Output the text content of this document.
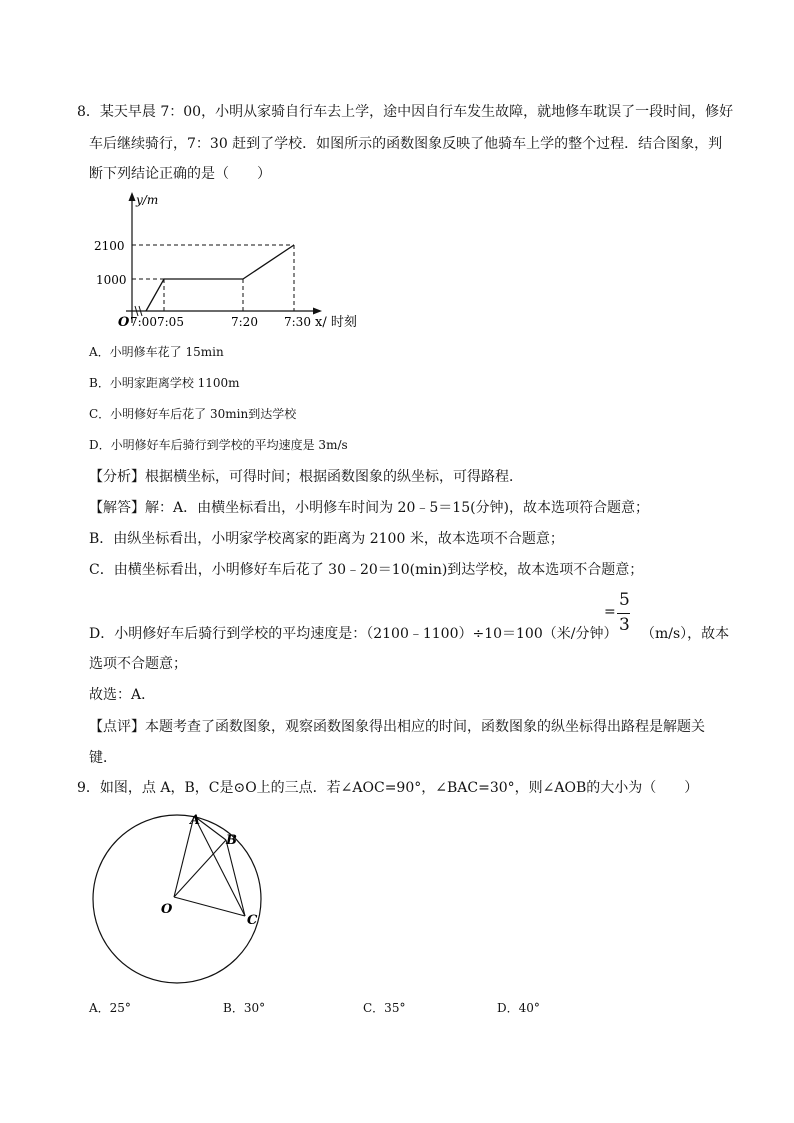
8．某天早晨 7：00，小明从家骑自行车去上学，途中因自行车发生故障，就地修车耽误了一段时间，修好
车后继续骑行，7：30 赶到了学校．如图所示的函数图象反映了他骑车上学的整个过程．结合图象，判
断下列结论正确的是（　　）
y/m
2100
1000
O 7:00 7:05	7:20 7:30 x/ 时刻
A．小明修车花了 15min
B．小明家距离学校 1100m
C．小明修好车后花了 30min到达学校
D．小明修好车后骑行到学校的平均速度是 3m/s
【分析】根据横坐标，可得时间；根据函数图象的纵坐标，可得路程．
【解答】解：A．由横坐标看出，小明修车时间为 20﹣5＝15(分钟)，故本选项符合题意；
B．由纵坐标看出，小明家学校离家的距离为 2100 米，故本选项不合题意；
C．由横坐标看出，小明修好车后花了 30﹣20＝10(min)到达学校，故本选项不合题意；
D．小明修好车后骑行到学校的平均速度是：（2100﹣1100）÷10＝100（米/分钟）
=
5
3 （m/s），故本
选项不合题意；
故选：A．
【点评】本题考查了函数图象，观察函数图象得出相应的时间，函数图象的纵坐标得出路程是解题关
键．
9．如图，点 A，B，C是⊙O上的三点．若∠AOC=90°，∠BAC=30°，则∠AOB的大小为（　　）
A
B
C
O
A．25°	B．30°	C．35°	D．40°
